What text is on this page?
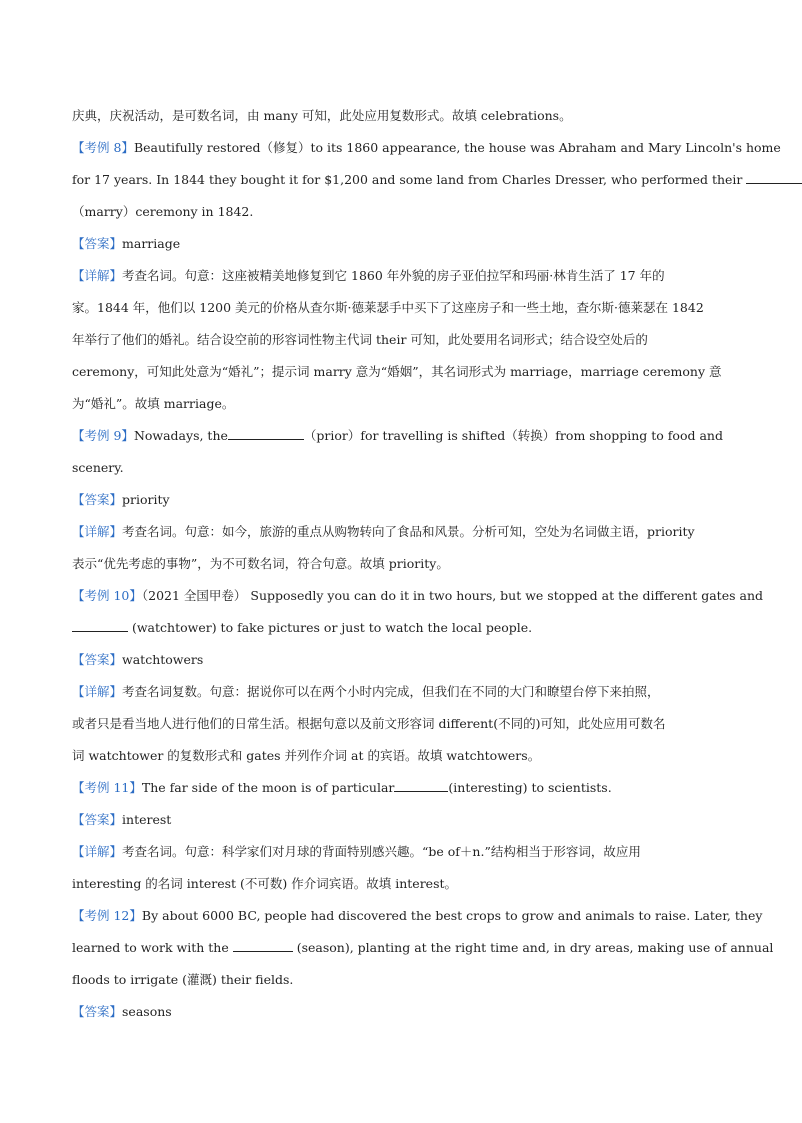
庆典，庆祝活动，是可数名词，由 many 可知，此处应用复数形式。故填 celebrations。
【考例 8】Beautifully restored（修复）to its 1860 appearance, the house was Abraham and Mary Lincoln's home
for 17 years. In 1844 they bought it for $1,200 and some land from Charles Dresser, who performed their
（marry）ceremony in 1842.
【答案】marriage
【详解】考查名词。句意：这座被精美地修复到它 1860 年外貌的房子亚伯拉罕和玛丽·林肯生活了 17 年的
家。1844 年，他们以 1200 美元的价格从查尔斯·德莱瑟手中买下了这座房子和一些土地，查尔斯·德莱瑟在 1842
年举行了他们的婚礼。结合设空前的形容词性物主代词 their 可知，此处要用名词形式；结合设空处后的
ceremony，可知此处意为“婚礼”；提示词 marry 意为“婚姻”，其名词形式为 marriage，marriage ceremony 意
为“婚礼”。故填 marriage。
【考例 9】Nowadays, the	（prior）for travelling is shifted（转换）from shopping to food and
scenery.
【答案】priority
【详解】考查名词。句意：如今，旅游的重点从购物转向了食品和风景。分析可知，空处为名词做主语，priority
表示“优先考虑的事物”，为不可数名词，符合句意。故填 priority。
【考例 10】（2021 全国甲卷） Supposedly you can do it in two hours, but we stopped at the different gates and
(watchtower) to fake pictures or just to watch the local people.
【答案】watchtowers
【详解】考查名词复数。句意：据说你可以在两个小时内完成，但我们在不同的大门和瞭望台停下来拍照，
或者只是看当地人进行他们的日常生活。根据句意以及前文形容词 different(不同的)可知，此处应用可数名
词 watchtower 的复数形式和 gates 并列作介词 at 的宾语。故填 watchtowers。
【考例 11】The far side of the moon is of particular	(interesting) to scientists.
【答案】interest
【详解】考查名词。句意：科学家们对月球的背面特别感兴趣。“be of＋n.”结构相当于形容词，故应用
interesting 的名词 interest (不可数) 作介词宾语。故填 interest。
【考例 12】By about 6000 BC, people had discovered the best crops to grow and animals to raise. Later, they
learned to work with the	(season), planting at the right time and, in dry areas, making use of annual
floods to irrigate (灌溉) their fields.
【答案】seasons
